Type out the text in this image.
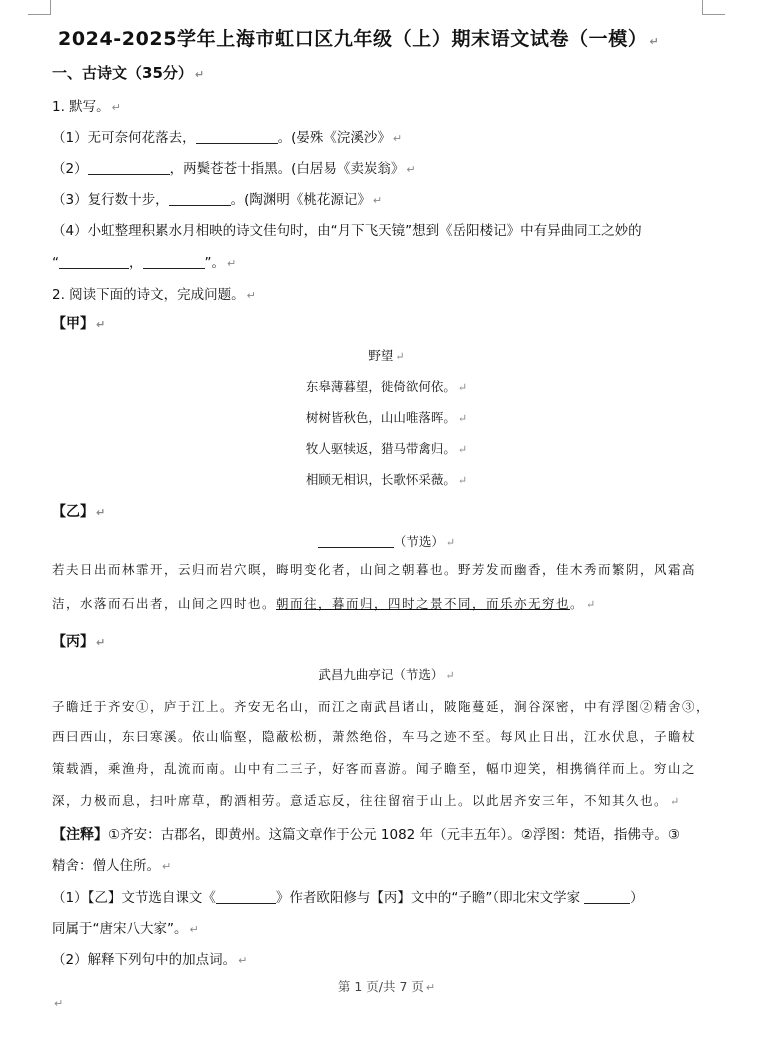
2024-2025学年上海市虹口区九年级（上）期末语文试卷（一模） ↵
一、古诗文（35分） ↵
1. 默写。 ↵
（1）无可奈何花落去，	。(晏殊《浣溪沙》 ↵
（2）	，两鬓苍苍十指黑。(白居易《卖炭翁》 ↵
（3）复行数十步，	。(陶渊明《桃花源记》 ↵
（4）小虹整理积累水月相映的诗文佳句时，由“月下飞天镜”想到《岳阳楼记》中有异曲同工之妙的
“	，	”。 ↵
2. 阅读下面的诗文，完成问题。 ↵
【甲】 ↵
野望 ↵
东皋薄暮望，徙倚欲何依。 ↵
树树皆秋色，山山唯落晖。 ↵
牧人驱犊返，猎马带禽归。 ↵
相顾无相识，长歌怀采薇。 ↵
【乙】 ↵
（节选） ↵
若夫日出而林霏开，云归而岩穴暝，晦明变化者，山间之朝暮也。野芳发而幽香，佳木秀而繁阴，风霜高
洁，水落而石出者，山间之四时也。朝而往，暮而归，四时之景不同，而乐亦无穷也。 ↵
【丙】 ↵
武昌九曲亭记（节选） ↵
子瞻迁于齐安①，庐于江上。齐安无名山，而江之南武昌诸山，陂陁蔓延，涧谷深密，中有浮图②精舍③，
西曰西山，东曰寒溪。依山临壑，隐蔽松枥，萧然绝俗，车马之迹不至。每风止日出，江水伏息，子瞻杖
策载酒，乘渔舟，乱流而南。山中有二三子，好客而喜游。闻子瞻至，幅巾迎笑，相携徜徉而上。穷山之
深，力极而息，扫叶席草，酌酒相劳。意适忘反，往往留宿于山上。以此居齐安三年，不知其久也。 ↵
【注释】①齐安：古郡名，即黄州。这篇文章作于公元 1082 年（元丰五年）。②浮图：梵语，指佛寺。③
精舍：僧人住所。 ↵
（1）【乙】文节选自课文《	》作者欧阳修与【丙】文中的“子瞻”（即北宋文学家	）
同属于“唐宋八大家”。 ↵
（2）解释下列句中的加点词。 ↵
第 1 页/共 7 页 ↵
↵
